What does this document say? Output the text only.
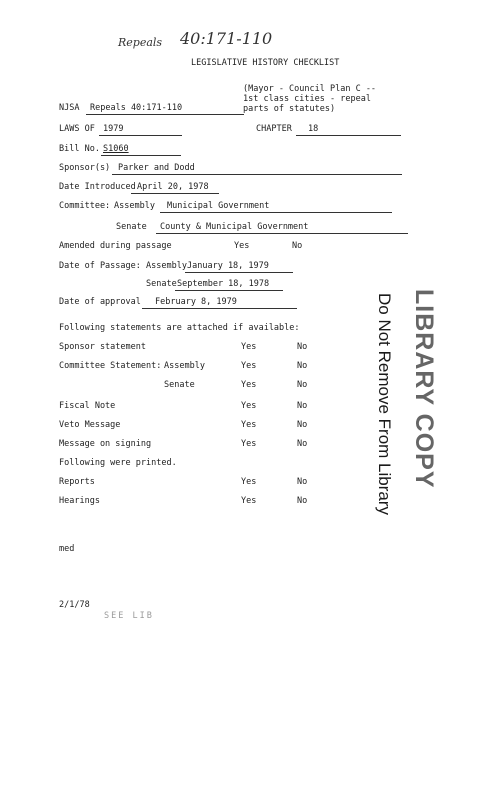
Repeals 40:171-110
LEGISLATIVE HISTORY CHECKLIST
(Mayor - Council Plan C --
1st class cities - repeal
parts of statutes)
NJSA Repeals 40:171-110
LAWS OF 1979	CHAPTER 18
Bill No. S1060
Sponsor(s) Parker and Dodd
Date Introduced April 20, 1978
Committee: Assembly Municipal Government
Senate County & Municipal Government
Amended during passage	Yes	No
Date of Passage: Assembly January 18, 1979
Senate September 18, 1978
Date of approval February 8, 1979
Following statements are attached if available:
Sponsor statement	Yes	No
Committee Statement: Assembly	Yes	No
Senate	Yes	No
Fiscal Note	Yes	No
Veto Message	Yes	No
Message on signing	Yes	No
Following were printed.
Reports	Yes	No
Hearings	Yes	No
med
2/1/78
SEE LIB
Do Not Remove From Library LIBRARY COPY
